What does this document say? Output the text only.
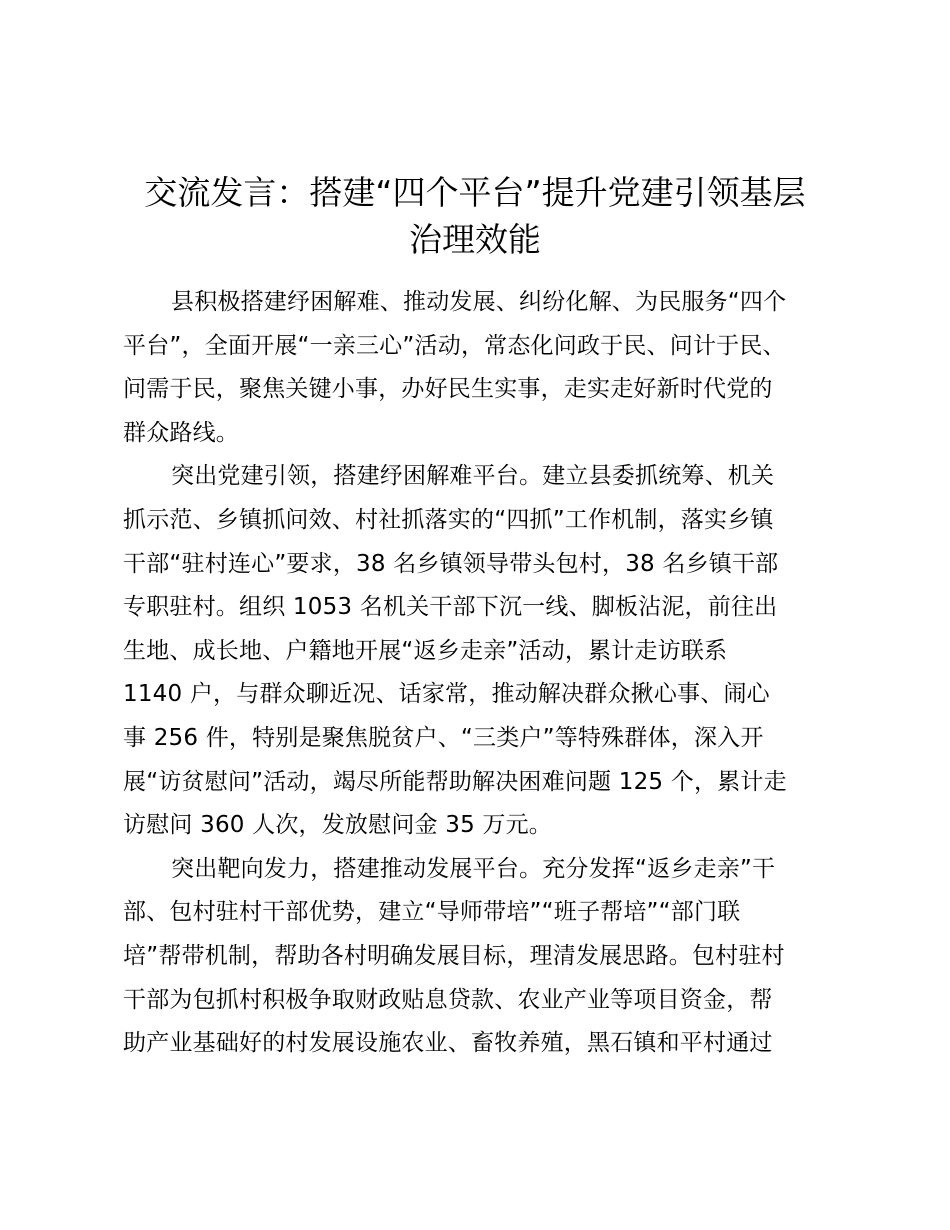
交流发言：搭建“四个平台”提升党建引领基层
治理效能
县积极搭建纾困解难、推动发展、纠纷化解、为民服务“四个
平台”，全面开展“一亲三心”活动，常态化问政于民、问计于民、
问需于民，聚焦关键小事，办好民生实事，走实走好新时代党的
群众路线。
突出党建引领，搭建纾困解难平台。建立县委抓统筹、机关
抓示范、乡镇抓问效、村社抓落实的“四抓”工作机制，落实乡镇
干部“驻村连心”要求，38 名乡镇领导带头包村，38 名乡镇干部
专职驻村。组织 1053 名机关干部下沉一线、脚板沾泥，前往出
生地、成长地、户籍地开展“返乡走亲”活动，累计走访联系
1140 户，与群众聊近况、话家常，推动解决群众揪心事、闹心
事 256 件，特别是聚焦脱贫户、“三类户”等特殊群体，深入开
展“访贫慰问”活动，竭尽所能帮助解决困难问题 125 个，累计走
访慰问 360 人次，发放慰问金 35 万元。
突出靶向发力，搭建推动发展平台。充分发挥“返乡走亲”干
部、包村驻村干部优势，建立“导师带培”“班子帮培”“部门联
培”帮带机制，帮助各村明确发展目标，理清发展思路。包村驻村
干部为包抓村积极争取财政贴息贷款、农业产业等项目资金，帮
助产业基础好的村发展设施农业、畜牧养殖，黑石镇和平村通过
